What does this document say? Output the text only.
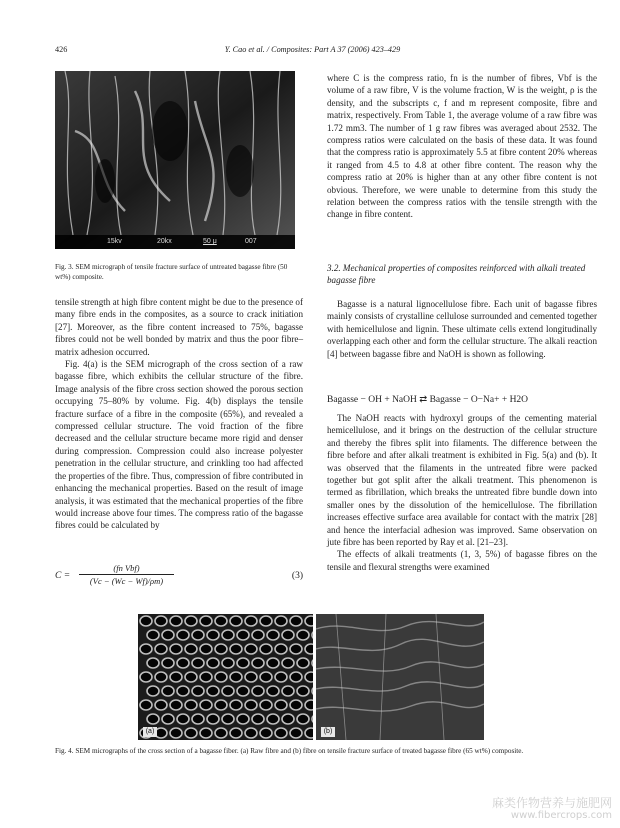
426	Y. Cao et al. / Composites: Part A 37 (2006) 423–429
15kv	20kx	50 μ	007
Fig. 3. SEM micrograph of tensile fracture surface of untreated bagasse fibre (50 wt%) composite.

tensile strength at high fibre content might be due to the presence of many fibre ends in the composites, as a source to crack initiation [27]. Moreover, as the fibre content increased to 75%, bagasse fibres could not be well bonded by matrix and thus the poor fibre–matrix adhesion occurred.

Fig. 4(a) is the SEM micrograph of the cross section of a raw bagasse fibre, which exhibits the cellular structure of the fibre. Image analysis of the fibre cross section showed the porous section occupying 75–80% by volume. Fig. 4(b) displays the tensile fracture surface of a fibre in the composite (65%), and revealed a compressed cellular structure. The void fraction of the fibre decreased and the cellular structure became more rigid and denser during compression. Compression could also increase polyester penetration in the cellular structure, and crinkling too had affected the properties of the fibre. Thus, compression of fibre contributed in enhancing the mechanical properties. Based on the result of image analysis, it was estimated that the mechanical properties of the fibre would increase above four times. The compress ratio of the bagasse fibres could be calculated by

C =
(fn Vbf)
(Vc − (Wc − Wf)/ρm)	(3)

where C is the compress ratio, fn is the number of fibres, Vbf is the volume of a raw fibre, V is the volume fraction, W is the weight, ρ is the density, and the subscripts c, f and m represent composite, fibre and matrix, respectively. From Table 1, the average volume of a raw fibre was 1.72 mm3. The number of 1 g raw fibres was averaged about 2532. The compress ratios were calculated on the basis of these data. It was found that the compress ratio is approximately 5.5 at fibre content 20% whereas it ranged from 4.5 to 4.8 at other fibre content. The reason why the compress ratio at 20% is higher than at any other fibre content is not obvious. Therefore, we were unable to determine from this study the relation between the compress ratios with the tensile strength with the change in fibre content.

3.2. Mechanical properties of composites reinforced with alkali treated bagasse fibre

Bagasse is a natural lignocellulose fibre. Each unit of bagasse fibres mainly consists of crystalline cellulose surrounded and cemented together with hemicellulose and lignin. These ultimate cells extend longitudinally overlapping each other and form the cellular structure. The alkali reaction [4] between bagasse fibre and NaOH is shown as following.

Bagasse − OH + NaOH ⇄ Bagasse − O−Na+ + H2O

The NaOH reacts with hydroxyl groups of the cementing material hemicellulose, and it brings on the destruction of the cellular structure and thereby the fibres split into filaments. The difference between the fibre before and after alkali treatment is exhibited in Fig. 5(a) and (b). It was observed that the filaments in the untreated fibre were packed together but got split after the alkali treatment. This phenomenon is termed as fibrillation, which breaks the untreated fibre bundle down into smaller ones by the dissolution of the hemicellulose. The fibrillation increases effective surface area available for contact with the matrix [28] and hence the interfacial adhesion was improved. Same observation on jute fibre has been reported by Ray et al. [21–23].

The effects of alkali treatments (1, 3, 5%) of bagasse fibres on the tensile and flexural strengths were examined

(a)	(b)
Fig. 4. SEM micrographs of the cross section of a bagasse fiber. (a) Raw fibre and (b) fibre on tensile fracture surface of treated bagasse fibre (65 wt%) composite.
麻类作物营养与施肥网
www.fibercrops.com
